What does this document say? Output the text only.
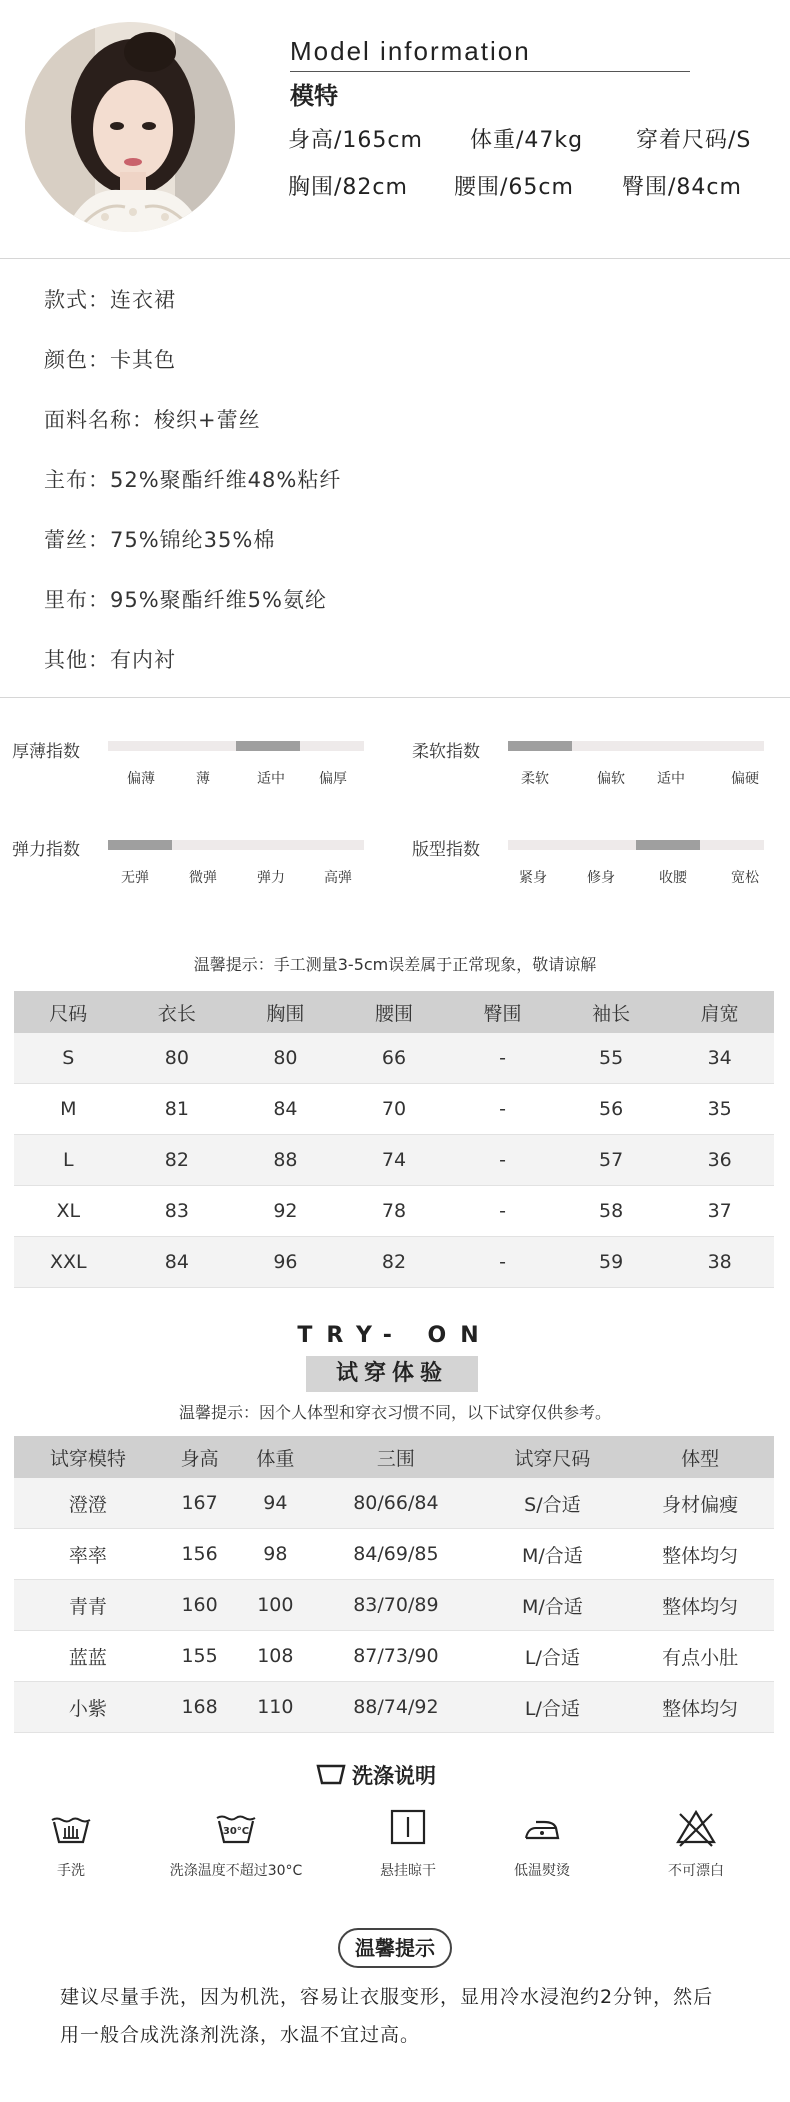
Model information
模特
身高/165cm 体重/47kg 穿着尺码/S
胸围/82cm 腰围/65cm 臀围/84cm
款式：连衣裙
颜色：卡其色
面料名称：梭织+蕾丝
主布：52%聚酯纤维48%粘纤
蕾丝：75%锦纶35%棉
里布：95%聚酯纤维5%氨纶
其他：有内衬
厚薄指数
偏薄	薄	适中	偏厚
柔软指数
柔软	偏软	适中	偏硬
弹力指数
无弹	微弹	弹力	高弹
版型指数
紧身	修身	收腰	宽松
温馨提示：手工测量3-5cm误差属于正常现象，敬请谅解
尺码	衣长	胸围	腰围	臀围	袖长	肩宽
S	80	80	66	-	55	34
M	81	84	70	-	56	35
L	82	88	74	-	57	36
XL	83	92	78	-	58	37
XXL	84	96	82	-	59	38
TRY- ON
试穿体验
温馨提示：因个人体型和穿衣习惯不同，以下试穿仅供参考。
试穿模特	身高	体重	三围	试穿尺码	体型
澄澄	167	94	80/66/84	S/合适	身材偏瘦
率率	156	98	84/69/85	M/合适	整体均匀
青青	160	100	83/70/89	M/合适	整体均匀
蓝蓝	155	108	87/73/90	L/合适	有点小肚
小紫	168	110	88/74/92	L/合适	整体均匀
洗涤说明
手洗
30°C
洗涤温度不超过30°C	悬挂晾干	低温熨烫	不可漂白
温馨提示
建议尽量手洗，因为机洗，容易让衣服变形，显用冷水浸泡约2分钟，然后
用一般合成洗涤剂洗涤，水温不宜过高。
